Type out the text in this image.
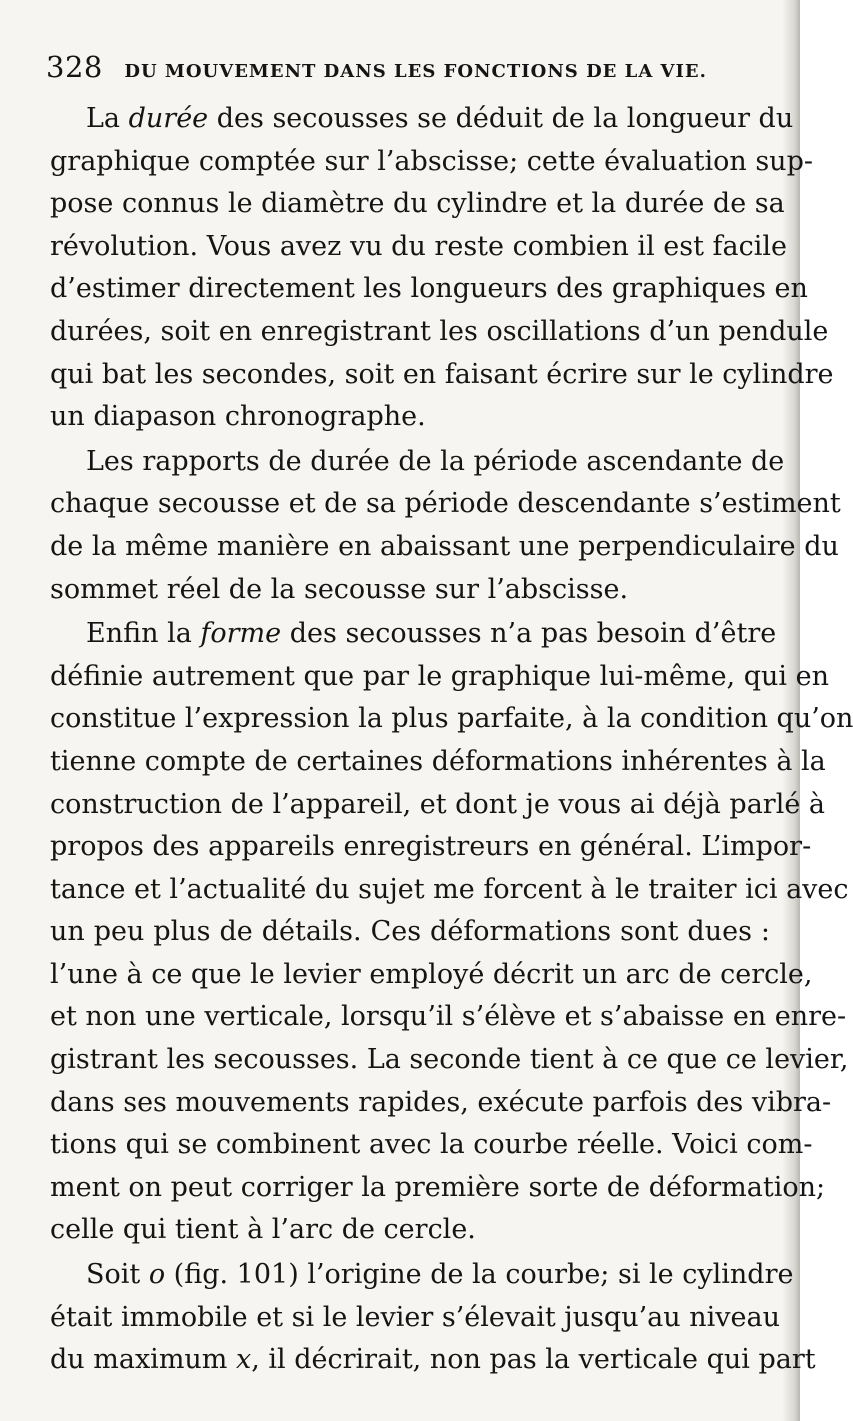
328 DU MOUVEMENT DANS LES FONCTIONS DE LA VIE.
La durée des secousses se déduit de la longueur du
graphique comptée sur l’abscisse; cette évaluation sup-
pose connus le diamètre du cylindre et la durée de sa
révolution. Vous avez vu du reste combien il est facile
d’estimer directement les longueurs des graphiques en
durées, soit en enregistrant les oscillations d’un pendule
qui bat les secondes, soit en faisant écrire sur le cylindre
un diapason chronographe.
Les rapports de durée de la période ascendante de
chaque secousse et de sa période descendante s’estiment
de la même manière en abaissant une perpendiculaire du
sommet réel de la secousse sur l’abscisse.
Enfin la forme des secousses n’a pas besoin d’être
définie autrement que par le graphique lui-même, qui en
constitue l’expression la plus parfaite, à la condition qu’on
tienne compte de certaines déformations inhérentes à la
construction de l’appareil, et dont je vous ai déjà parlé à
propos des appareils enregistreurs en général. L’impor-
tance et l’actualité du sujet me forcent à le traiter ici avec
un peu plus de détails. Ces déformations sont dues :
l’une à ce que le levier employé décrit un arc de cercle,
et non une verticale, lorsqu’il s’élève et s’abaisse en enre-
gistrant les secousses. La seconde tient à ce que ce levier,
dans ses mouvements rapides, exécute parfois des vibra-
tions qui se combinent avec la courbe réelle. Voici com-
ment on peut corriger la première sorte de déformation;
celle qui tient à l’arc de cercle.
Soit o (fig. 101) l’origine de la courbe; si le cylindre
était immobile et si le levier s’élevait jusqu’au niveau
du maximum x, il décrirait, non pas la verticale qui part
